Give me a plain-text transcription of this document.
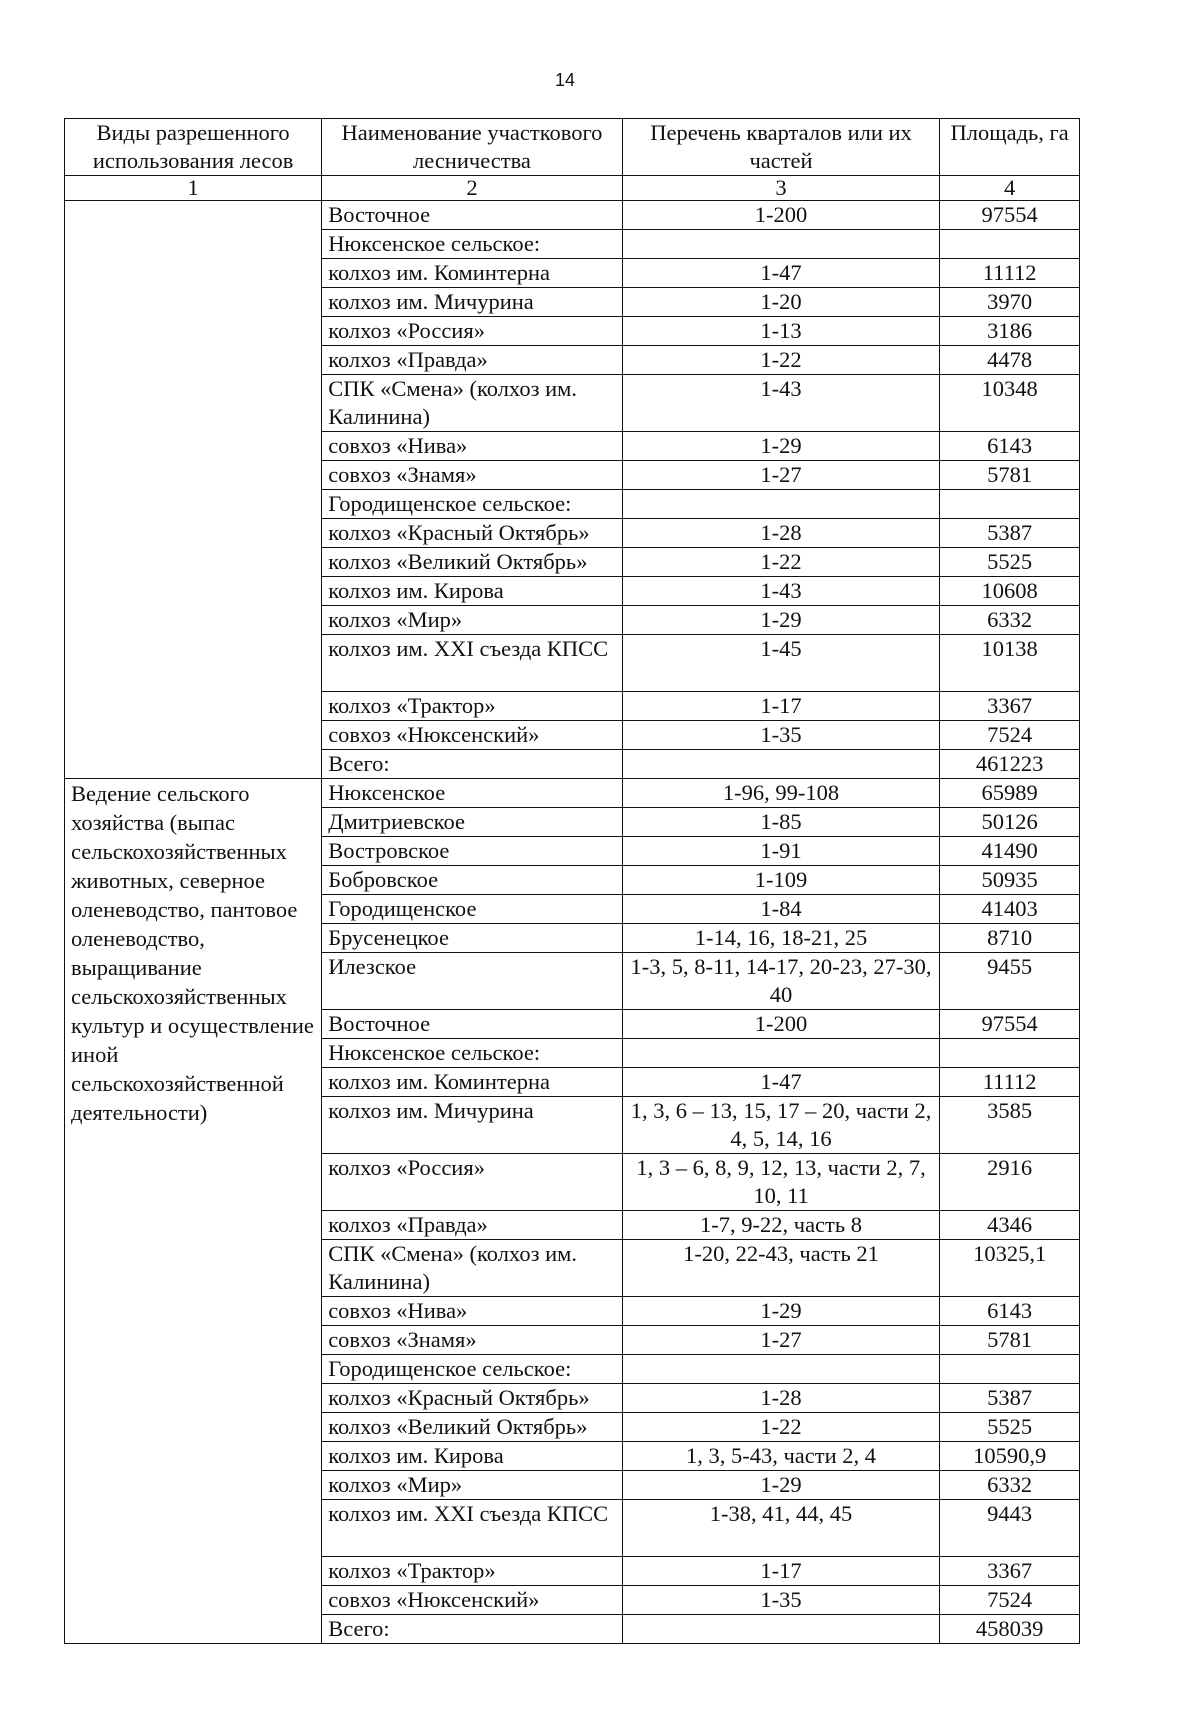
14
Виды разрешенного использования лесов	Наименование участкового лесничества	Перечень кварталов или их частей	Площадь, га
1	2	3	4
	Восточное	1-200	97554
	Нюксенское сельское:		
	колхоз им. Коминтерна	1-47	11112
	колхоз им. Мичурина	1-20	3970
	колхоз «Россия»	1-13	3186
	колхоз «Правда»	1-22	4478
	СПК «Смена» (колхоз им. Калинина)	1-43	10348
	совхоз «Нива»	1-29	6143
	совхоз «Знамя»	1-27	5781
	Городищенское сельское:		
	колхоз «Красный Октябрь»	1-28	5387
	колхоз «Великий Октябрь»	1-22	5525
	колхоз им. Кирова	1-43	10608
	колхоз «Мир»	1-29	6332
	колхоз им. XXI съезда КПСС	1-45	10138
	колхоз «Трактор»	1-17	3367
	совхоз «Нюксенский»	1-35	7524
	Всего:		461223
Ведение сельского хозяйства (выпас сельскохозяйственных животных, северное оленеводство, пантовое оленеводство, выращивание сельскохозяйственных культур и осуществление иной сельскохозяйственной деятельности)	Нюксенское	1-96, 99-108	65989
	Дмитриевское	1-85	50126
	Востровское	1-91	41490
	Бобровское	1-109	50935
	Городищенское	1-84	41403
	Брусенецкое	1-14, 16, 18-21, 25	8710
	Илезское	1-3, 5, 8-11, 14-17, 20-23, 27-30, 40	9455
	Восточное	1-200	97554
	Нюксенское сельское:		
	колхоз им. Коминтерна	1-47	11112
	колхоз им. Мичурина	1, 3, 6 – 13, 15, 17 – 20, части 2, 4, 5, 14, 16	3585
	колхоз «Россия»	1, 3 – 6, 8, 9, 12, 13, части 2, 7, 10, 11	2916
	колхоз «Правда»	1-7, 9-22, часть 8	4346
	СПК «Смена» (колхоз им. Калинина)	1-20, 22-43, часть 21	10325,1
	совхоз «Нива»	1-29	6143
	совхоз «Знамя»	1-27	5781
	Городищенское сельское:		
	колхоз «Красный Октябрь»	1-28	5387
	колхоз «Великий Октябрь»	1-22	5525
	колхоз им. Кирова	1, 3, 5-43, части 2, 4	10590,9
	колхоз «Мир»	1-29	6332
	колхоз им. XXI съезда КПСС	1-38, 41, 44, 45	9443
	колхоз «Трактор»	1-17	3367
	совхоз «Нюксенский»	1-35	7524
	Всего:		458039
